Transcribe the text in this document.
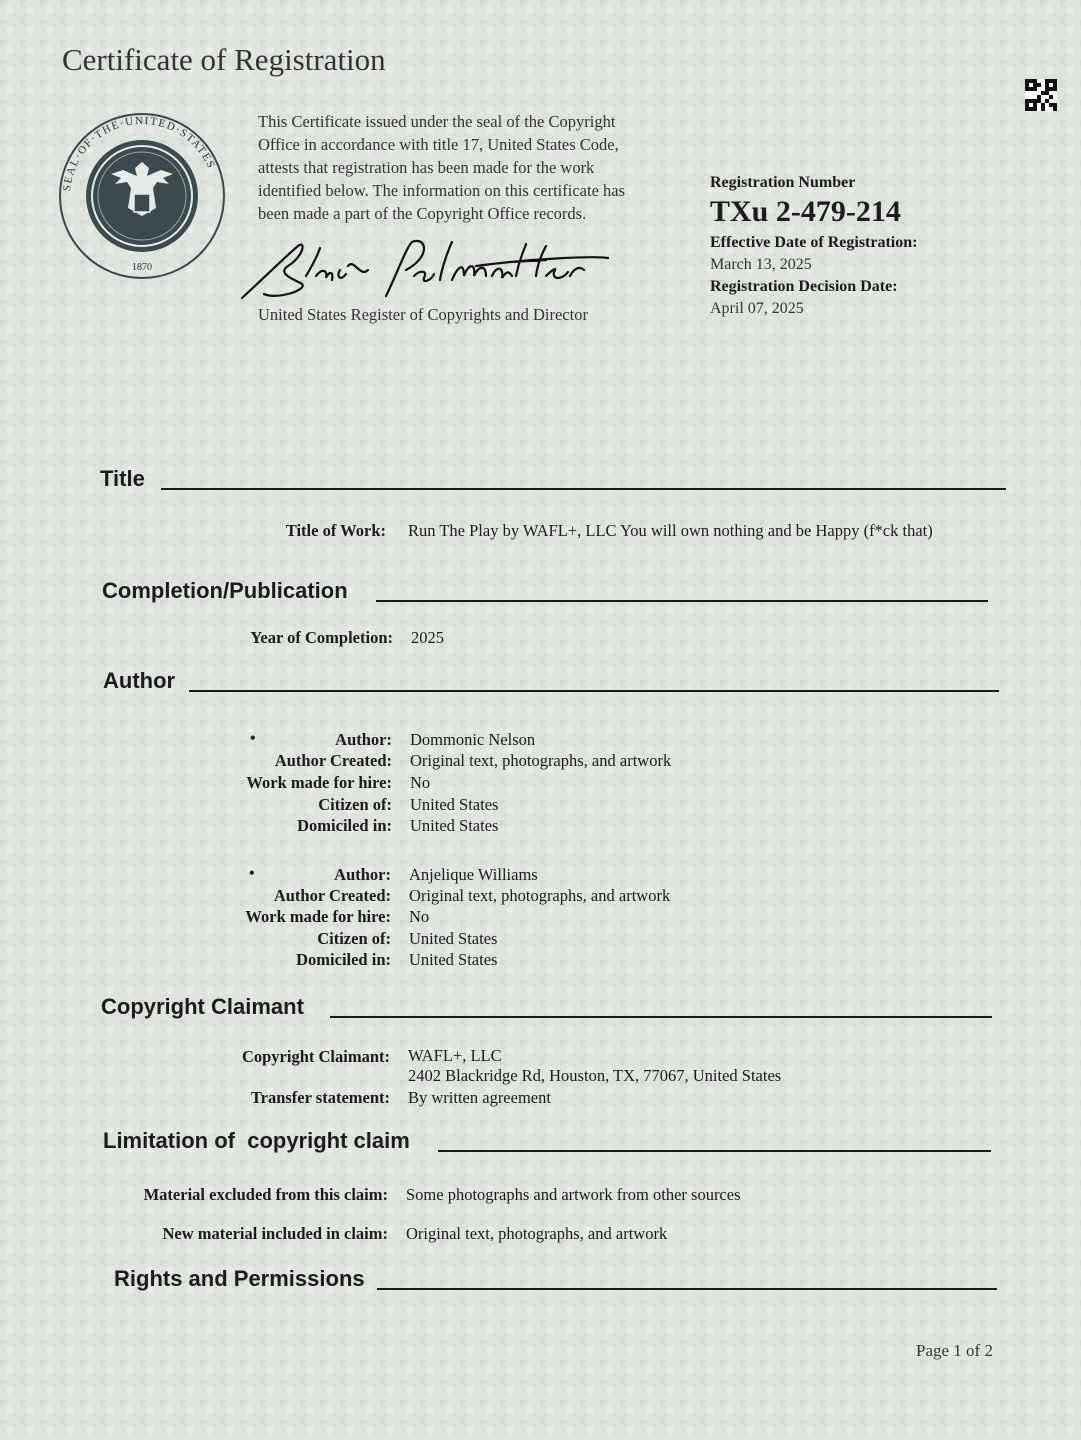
Certificate of Registration
SEAL·OF·THE·UNITED·STATES
1870
This Certificate issued under the seal of the Copyright
Office in accordance with title 17, United States Code,
attests that registration has been made for the work
identified below. The information on this certificate has
been made a part of the Copyright Office records.
United States Register of Copyrights and Director
Registration Number
TXu 2-479-214
Effective Date of Registration:
March 13, 2025
Registration Decision Date:
April 07, 2025
Title
Title of Work:	Run The Play by WAFL+, LLC You will own nothing and be Happy (f*ck that)
Completion/Publication
Year of Completion:	2025
Author
•	Author:	Dommonic Nelson
Author Created:	Original text, photographs, and artwork
Work made for hire:	No
Citizen of:	United States
Domiciled in:	United States
•	Author:	Anjelique Williams
Author Created:	Original text, photographs, and artwork
Work made for hire:	No
Citizen of:	United States
Domiciled in:	United States
Copyright Claimant
Copyright Claimant: WAFL+, LLC
2402 Blackridge Rd, Houston, TX, 77067, United States
Transfer statement:	By written agreement
Limitation of  copyright claim
Material excluded from this claim:	Some photographs and artwork from other sources
New material included in claim:	Original text, photographs, and artwork
Rights and Permissions
Page 1 of 2
